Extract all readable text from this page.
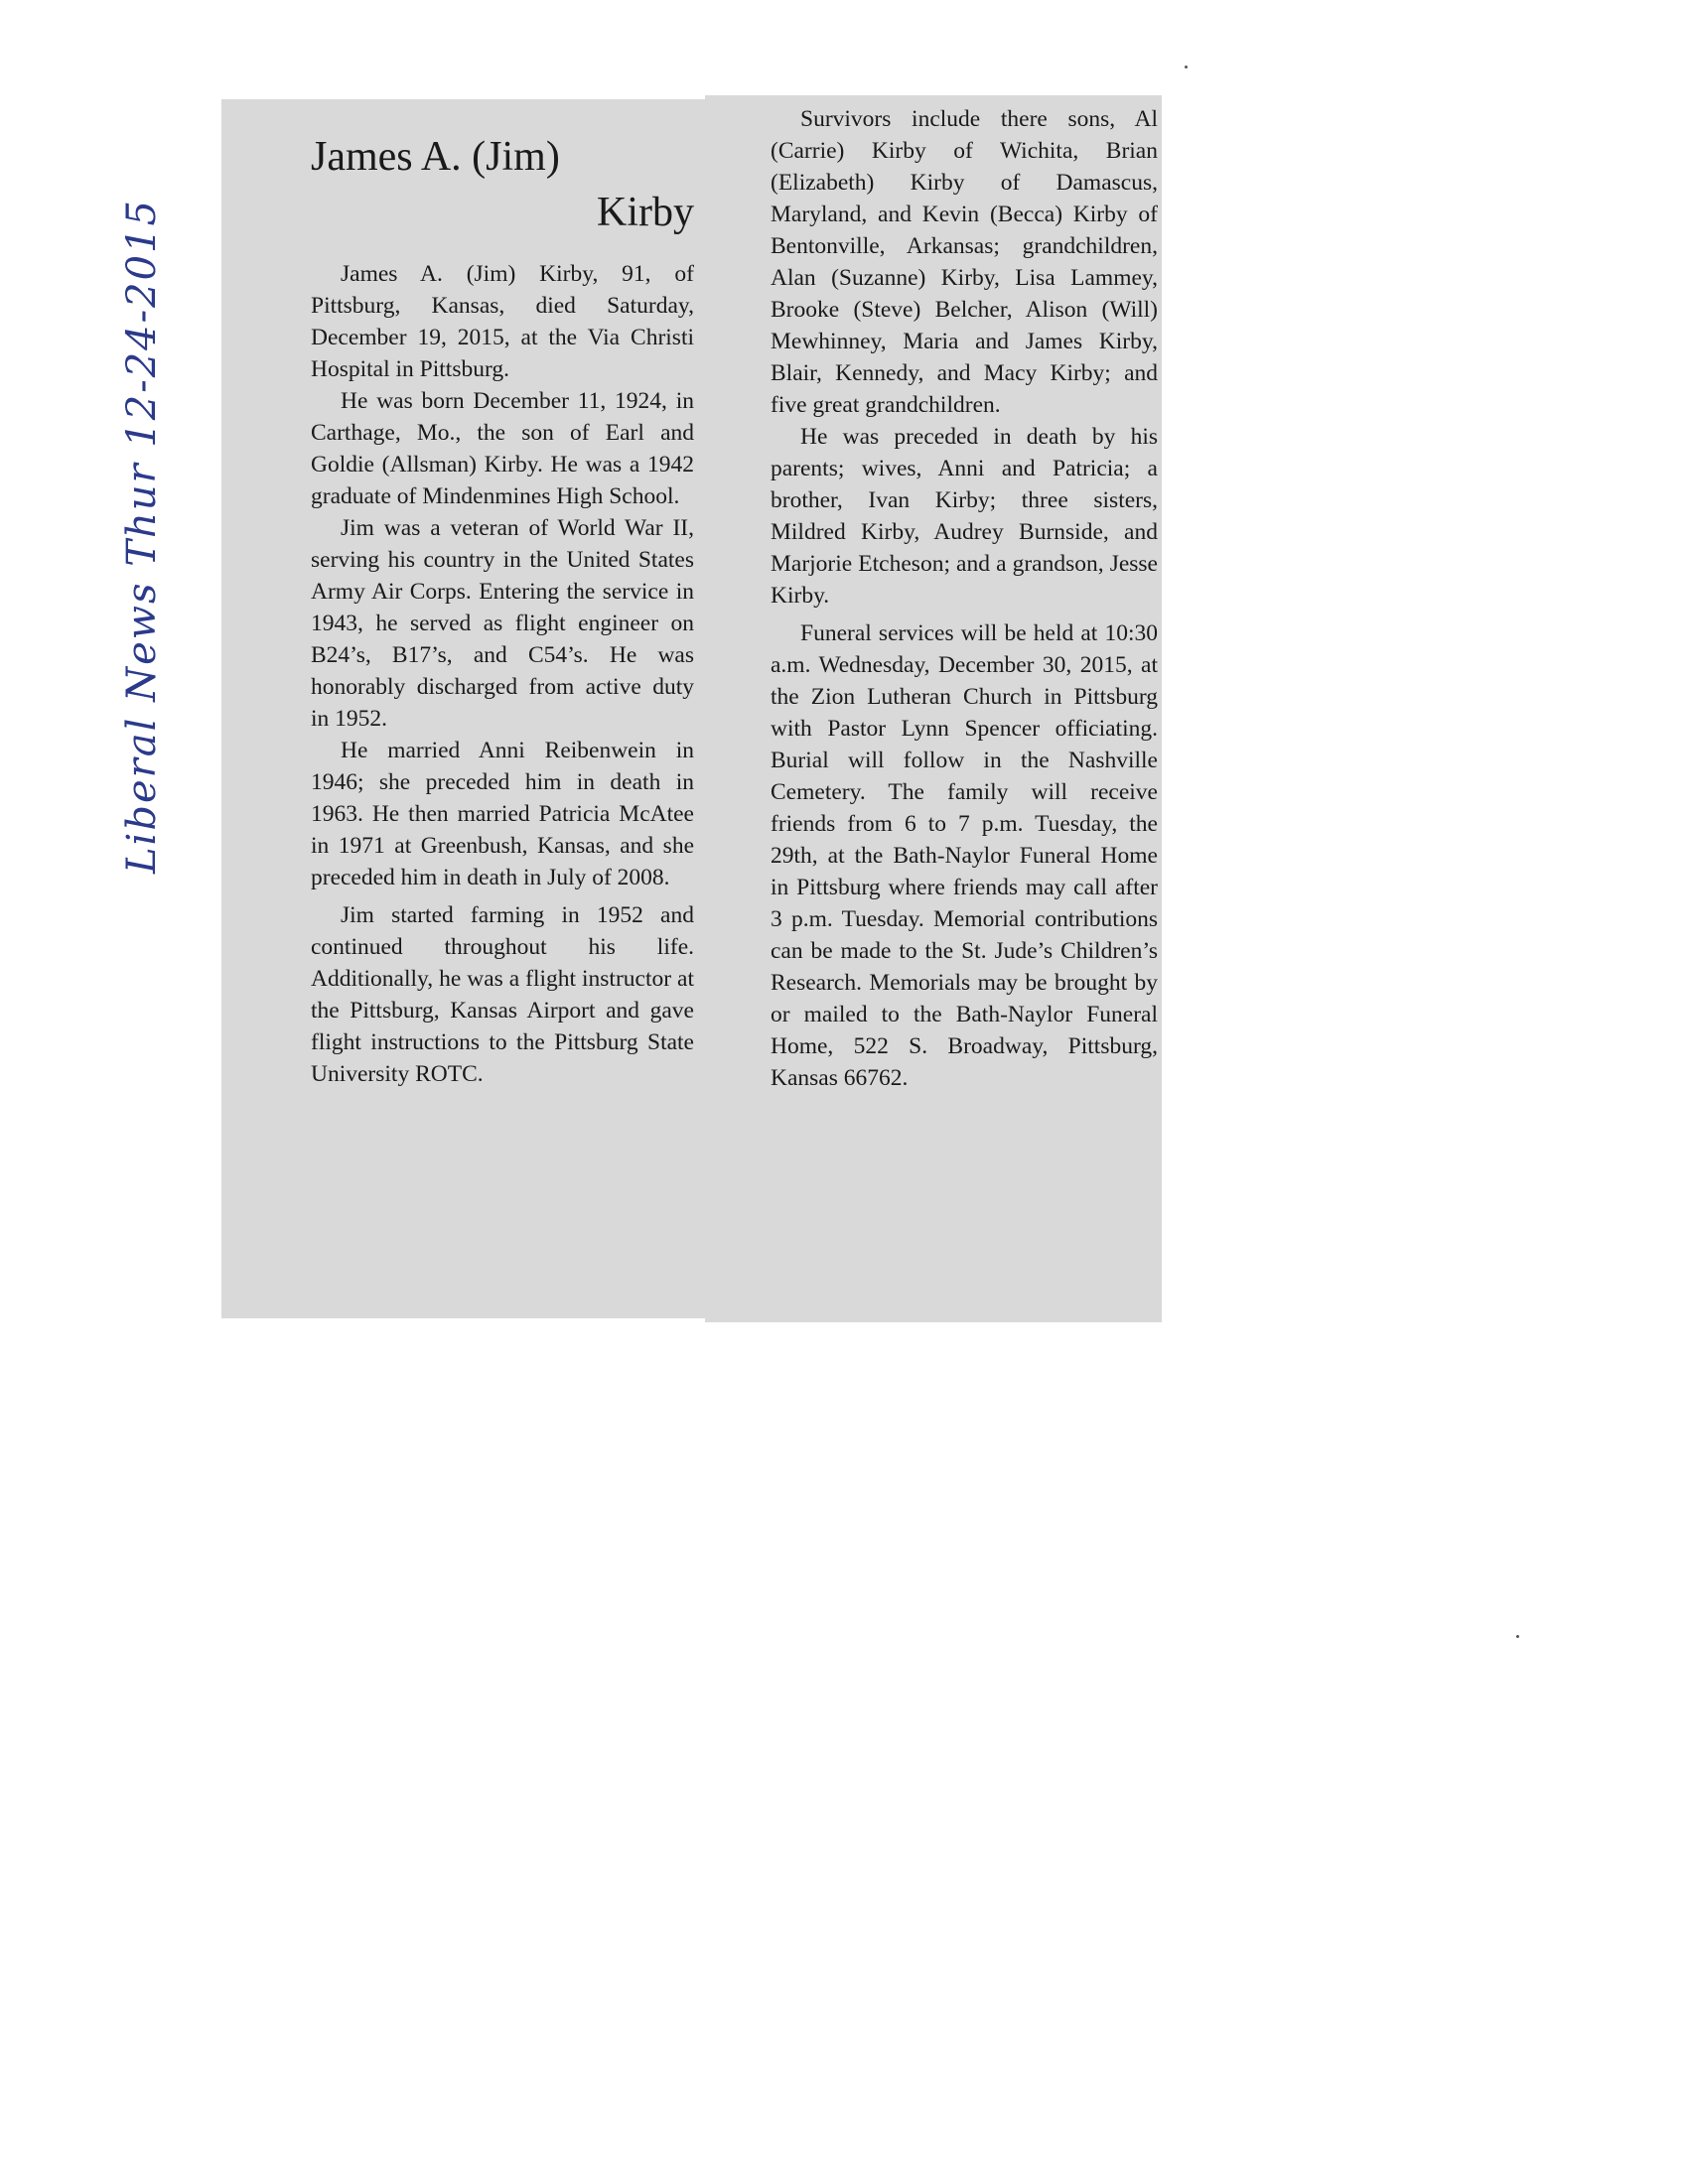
Liberal News Thur 12-24-2015
James A. (Jim)
Kirby

James A. (Jim) Kirby, 91, of Pittsburg, Kansas, died Saturday, December 19, 2015, at the Via Christi Hospital in Pittsburg.

He was born December 11, 1924, in Carthage, Mo., the son of Earl and Goldie (Allsman) Kirby. He was a 1942 graduate of Mindenmines High School.

Jim was a veteran of World War II, serving his country in the United States Army Air Corps. Entering the service in 1943, he served as flight engineer on B24’s, B17’s, and C54’s. He was honorably discharged from active duty in 1952.

He married Anni Reibenwein in 1946; she preceded him in death in 1963. He then married Patricia McAtee in 1971 at Greenbush, Kansas, and she preceded him in death in July of 2008.

Jim started farming in 1952 and continued throughout his life. Additionally, he was a flight instructor at the Pittsburg, Kansas Airport and gave flight instructions to the Pittsburg State University ROTC.

Survivors include there sons, Al (Carrie) Kirby of Wichita, Brian (Elizabeth) Kirby of Damascus, Maryland, and Kevin (Becca) Kirby of Bentonville, Arkansas; grandchildren, Alan (Suzanne) Kirby, Lisa Lammey, Brooke (Steve) Belcher, Alison (Will) Mewhinney, Maria and James Kirby, Blair, Kennedy, and Macy Kirby; and five great grandchildren.

He was preceded in death by his parents; wives, Anni and Patricia; a brother, Ivan Kirby; three sisters, Mildred Kirby, Audrey Burnside, and Marjorie Etcheson; and a grandson, Jesse Kirby.

Funeral services will be held at 10:30 a.m. Wednesday, December 30, 2015, at the Zion Lutheran Church in Pittsburg with Pastor Lynn Spencer officiating. Burial will follow in the Nashville Cemetery. The family will receive friends from 6 to 7 p.m. Tuesday, the 29th, at the Bath-Naylor Funeral Home in Pittsburg where friends may call after 3 p.m. Tuesday. Memorial contributions can be made to the St. Jude’s Children’s Research. Memorials may be brought by or mailed to the Bath-Naylor Funeral Home, 522 S. Broadway, Pittsburg, Kansas 66762.
